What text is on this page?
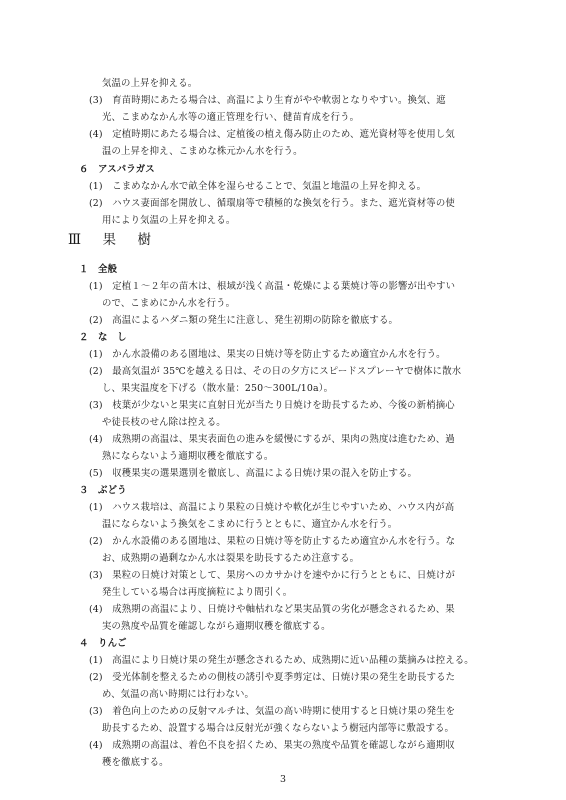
気温の上昇を抑える。
(3)　育苗時期にあたる場合は、高温により生育がやや軟弱となりやすい。換気、遮
光、こまめなかん水等の適正管理を行い、健苗育成を行う。
(4)　定植時期にあたる場合は、定植後の植え傷み防止のため、遮光資材等を使用し気
温の上昇を抑え、こまめな株元かん水を行う。
６　アスパラガス
(1)　こまめなかん水で畝全体を湿らせることで、気温と地温の上昇を抑える。
(2)　ハウス妻面部を開放し、循環扇等で積極的な換気を行う。また、遮光資材等の使
用により気温の上昇を抑える。
Ⅲ　果　樹
１　全般
(1)　定植１～２年の苗木は、根域が浅く高温・乾燥による葉焼け等の影響が出やすい
ので、こまめにかん水を行う。
(2)　高温によるハダニ類の発生に注意し、発生初期の防除を徹底する。
２　な　し
(1)　かん水設備のある園地は、果実の日焼け等を防止するため適宜かん水を行う。
(2)　最高気温が 35℃を越える日は、その日の夕方にスピードスプレーヤで樹体に散水
し、果実温度を下げる（散水量：250～300L/10a）。
(3)　枝葉が少ないと果実に直射日光が当たり日焼けを助長するため、今後の新梢摘心
や徒長枝のせん除は控える。
(4)　成熟期の高温は、果実表面色の進みを緩慢にするが、果肉の熟度は進むため、過
熟にならないよう適期収穫を徹底する。
(5)　収穫果実の選果選別を徹底し、高温による日焼け果の混入を防止する。
３　ぶどう
(1)　ハウス栽培は、高温により果粒の日焼けや軟化が生じやすいため、ハウス内が高
温にならないよう換気をこまめに行うとともに、適宜かん水を行う。
(2)　かん水設備のある園地は、果粒の日焼け等を防止するため適宜かん水を行う。な
お、成熟期の過剰なかん水は裂果を助長するため注意する。
(3)　果粒の日焼け対策として、果房へのカサかけを速やかに行うとともに、日焼けが
発生している場合は再度摘粒により間引く。
(4)　成熟期の高温により、日焼けや軸枯れなど果実品質の劣化が懸念されるため、果
実の熟度や品質を確認しながら適期収穫を徹底する。
４　りんご
(1)　高温により日焼け果の発生が懸念されるため、成熟期に近い品種の葉摘みは控える。
(2)　受光体制を整えるための側枝の誘引や夏季剪定は、日焼け果の発生を助長するた
め、気温の高い時期には行わない。
(3)　着色向上のための反射マルチは、気温の高い時期に使用すると日焼け果の発生を
助長するため、設置する場合は反射光が強くならないよう樹冠内部等に敷設する。
(4)　成熟期の高温は、着色不良を招くため、果実の熟度や品質を確認しながら適期収
穫を徹底する。
3
